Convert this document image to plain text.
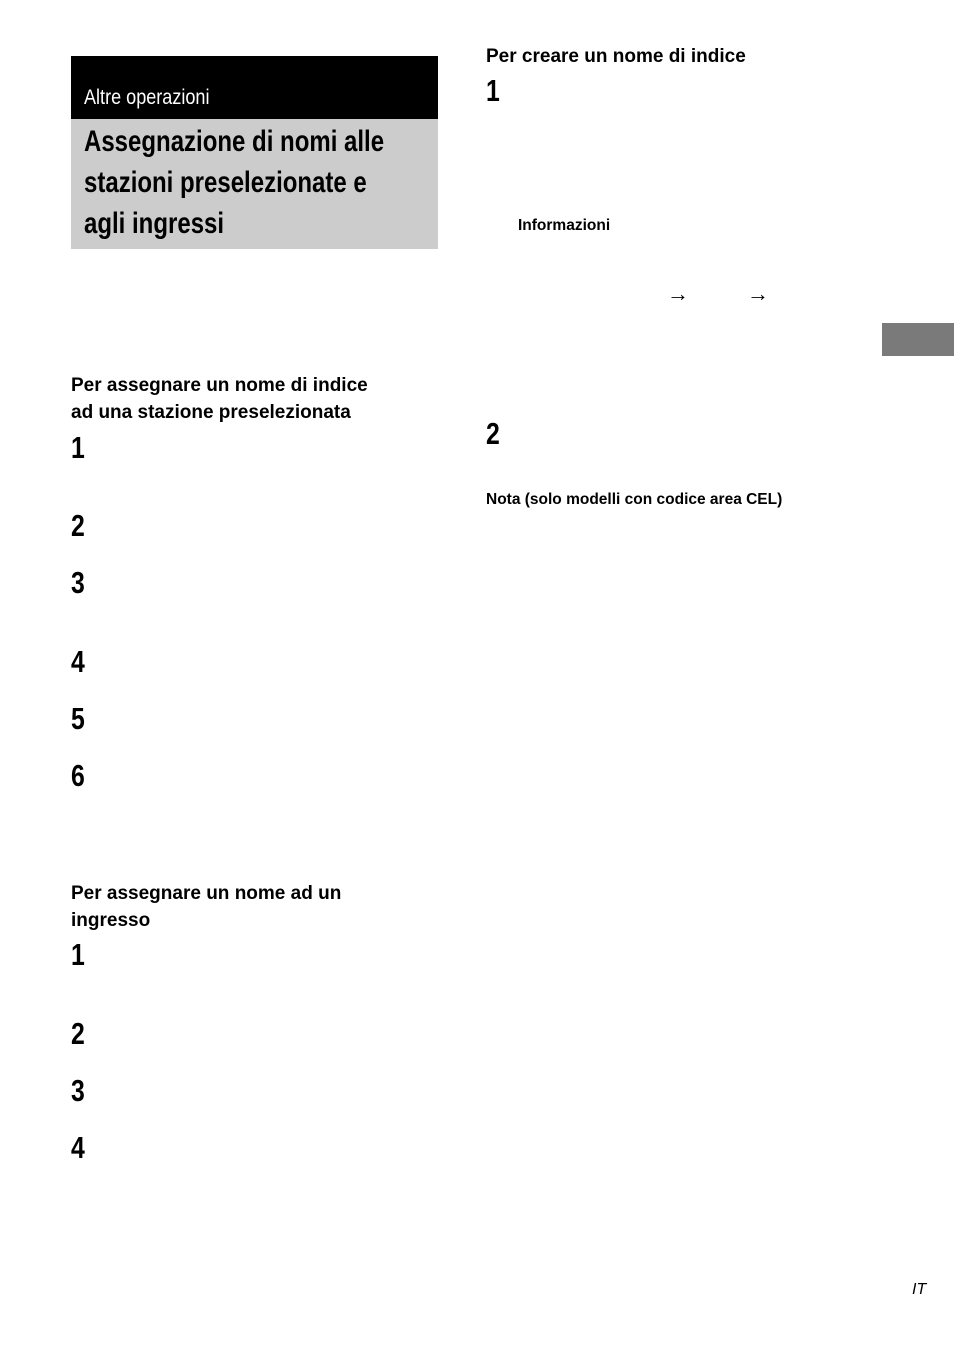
Altre operazioni
Assegnazione di nomi alle
stazioni preselezionate e
agli ingressi
Per assegnare un nome di indice
ad una stazione preselezionata
1
2
3
4
5
6
Per assegnare un nome ad un
ingresso
1
2
3
4
Per creare un nome di indice
1
Informazioni
→	→
2
Nota (solo modelli con codice area CEL)
IT
